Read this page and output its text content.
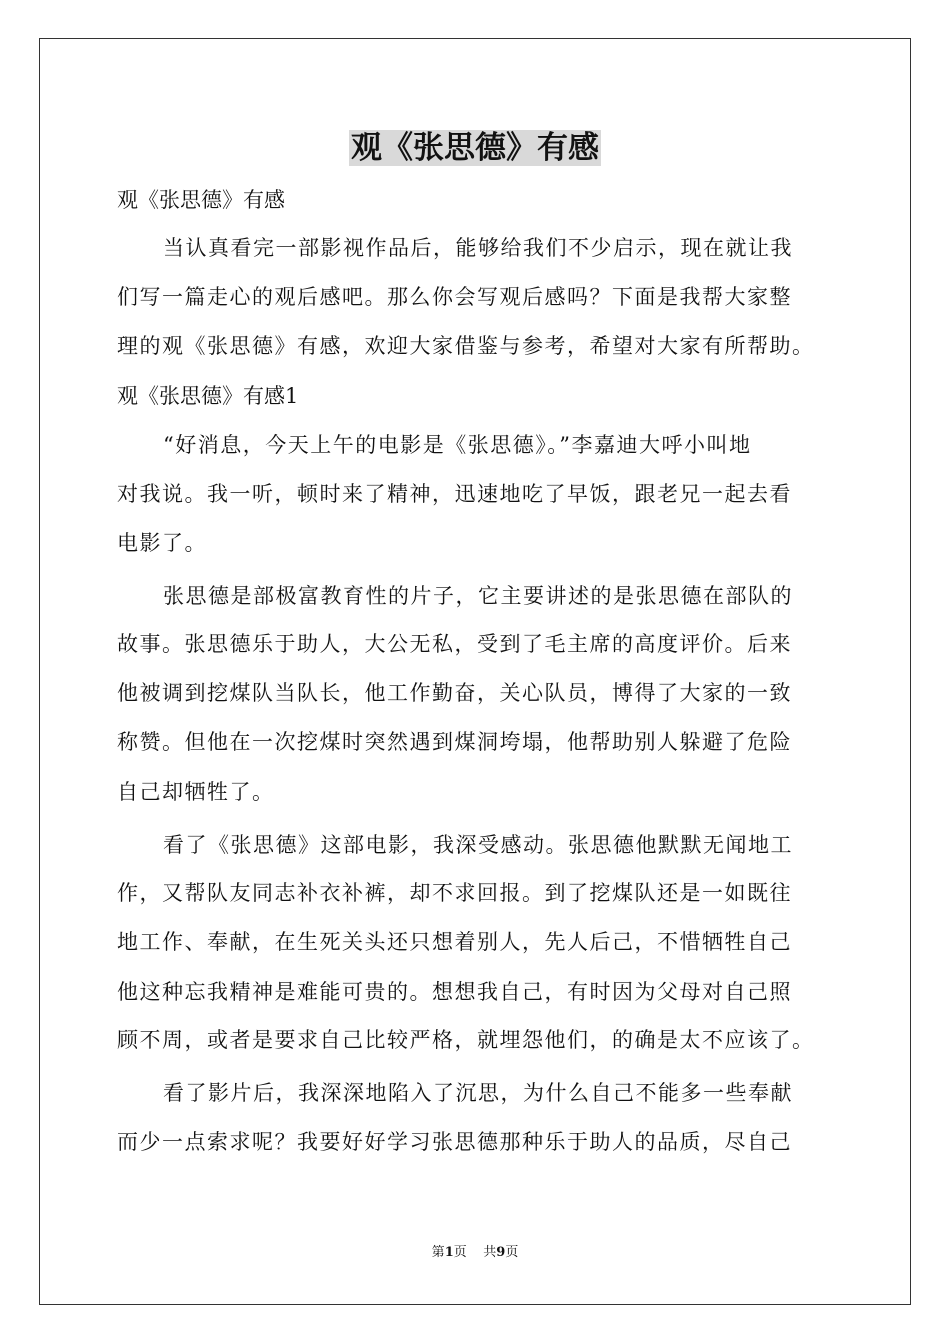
观《张思德》有感
观《张思德》有感
当认真看完一部影视作品后，能够给我们不少启示，现在就让我
们写一篇走心的观后感吧。那么你会写观后感吗？下面是我帮大家整
理的观《张思德》有感，欢迎大家借鉴与参考，希望对大家有所帮助。
观《张思德》有感1
“好消息，今天上午的电影是《张思德》。”李嘉迪大呼小叫地
对我说。我一听，顿时来了精神，迅速地吃了早饭，跟老兄一起去看
电影了。
张思德是部极富教育性的片子，它主要讲述的是张思德在部队的
故事。张思德乐于助人，大公无私，受到了毛主席的高度评价。后来
他被调到挖煤队当队长，他工作勤奋，关心队员，博得了大家的一致
称赞。但他在一次挖煤时突然遇到煤洞垮塌，他帮助别人躲避了危险
自己却牺牲了。
看了《张思德》这部电影，我深受感动。张思德他默默无闻地工
作，又帮队友同志补衣补裤，却不求回报。到了挖煤队还是一如既往
地工作、奉献，在生死关头还只想着别人，先人后己，不惜牺牲自己
他这种忘我精神是难能可贵的。想想我自己，有时因为父母对自己照
顾不周，或者是要求自己比较严格，就埋怨他们，的确是太不应该了。
看了影片后，我深深地陷入了沉思，为什么自己不能多一些奉献
而少一点索求呢？我要好好学习张思德那种乐于助人的品质，尽自己
第1页    共9页
